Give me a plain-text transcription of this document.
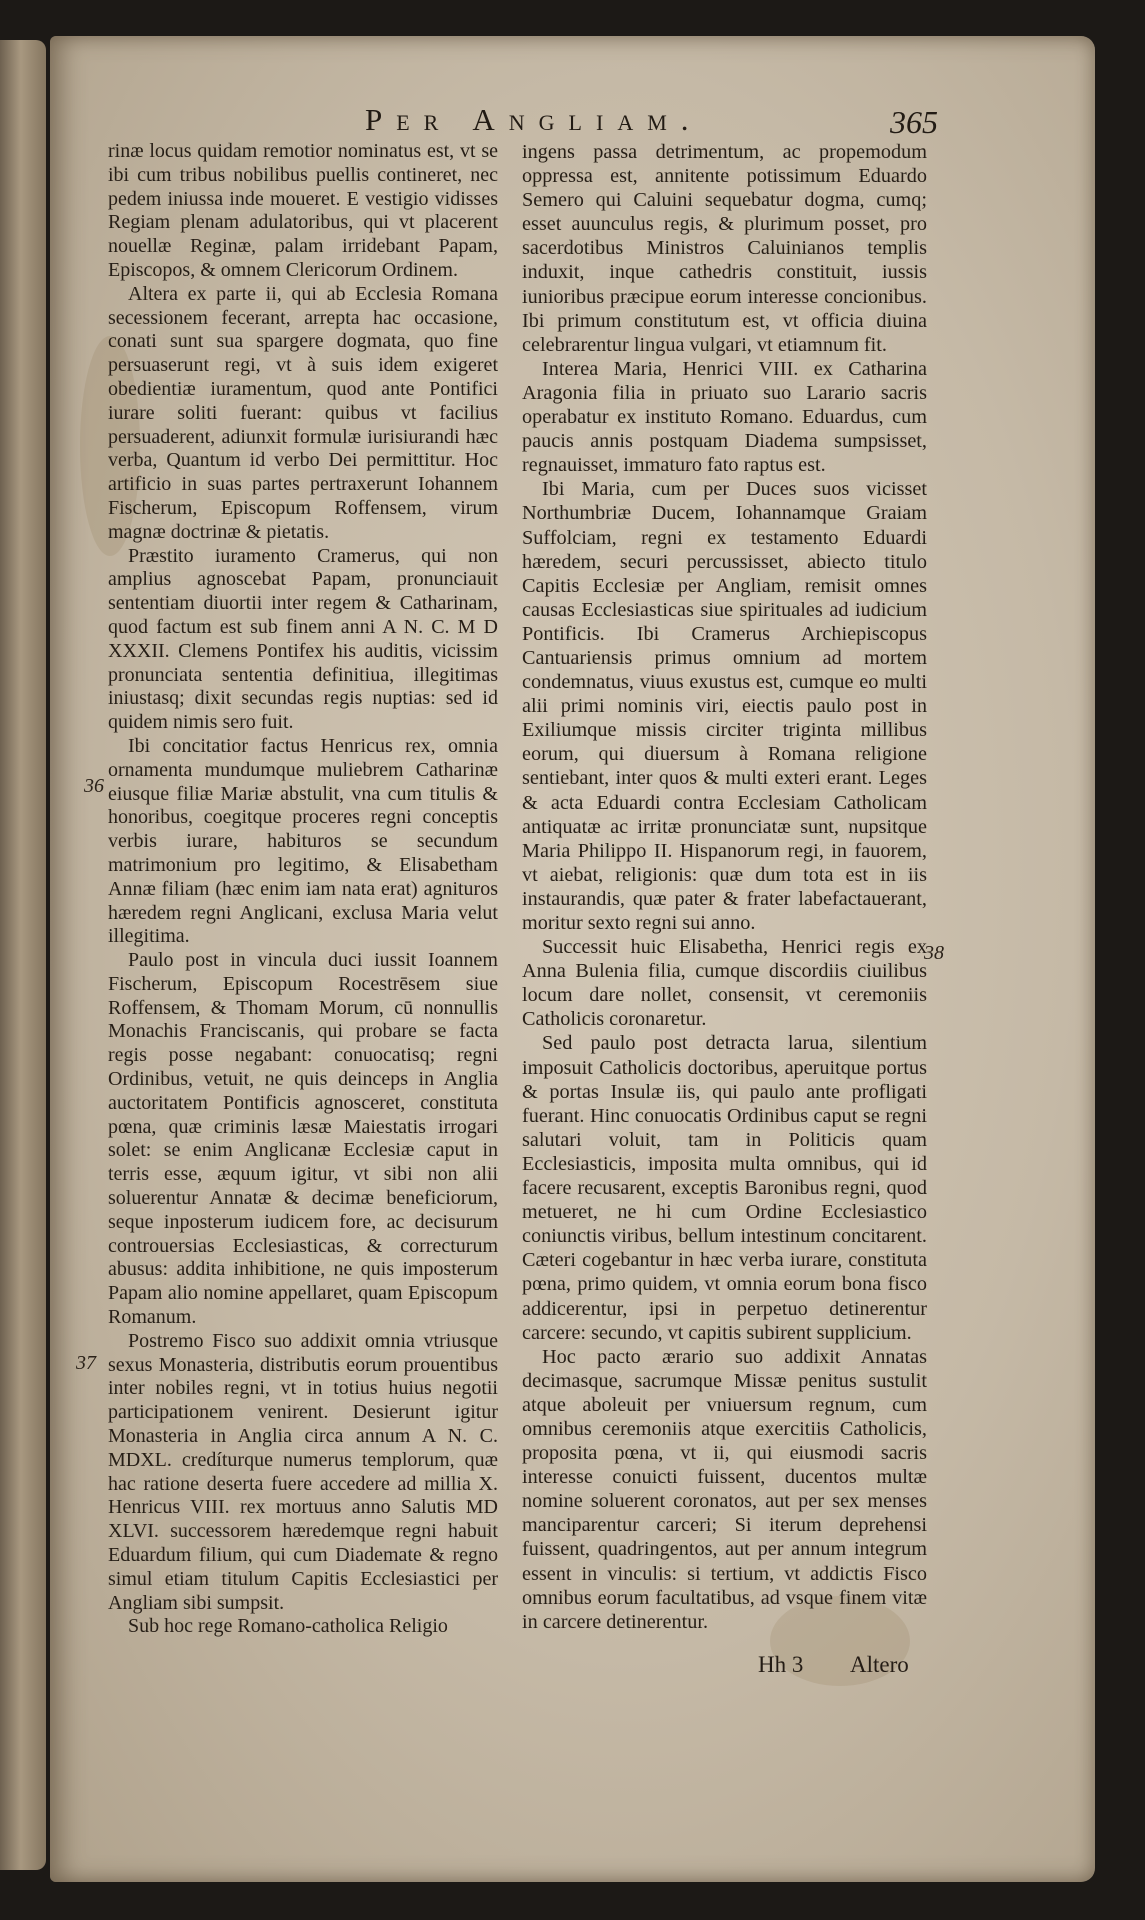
Per Angliam.	365

rinæ locus quidam remotior nominatus est, vt se ibi cum tribus nobilibus puellis contineret, nec pedem iniussa inde moueret. E vestigio vidisses Regiam plenam adulatoribus, qui vt placerent nouellæ Reginæ, palam irridebant Papam, Episcopos, & omnem Clericorum Ordinem.

Altera ex parte ii, qui ab Ecclesia Romana secessionem fecerant, arrepta hac occasione, conati sunt sua spargere dogmata, quo fine persuaserunt regi, vt à suis idem exigeret obedientiæ iuramentum, quod ante Pontifici iurare soliti fuerant: quibus vt facilius persuaderent, adiunxit formulæ iurisiurandi hæc verba, Quantum id verbo Dei permittitur. Hoc artificio in suas partes pertraxerunt Iohannem Fischerum, Episcopum Roffensem, virum magnæ doctrinæ & pietatis.

Præstito iuramento Cramerus, qui non amplius agnoscebat Papam, pronunciauit sententiam diuortii inter regem & Catharinam, quod factum est sub finem anni A N. C. M D XXXII. Clemens Pontifex his auditis, vicissim pronunciata sententia definitiua, illegitimas iniustasq; dixit secundas regis nuptias: sed id quidem nimis sero fuit.

Ibi concitatior factus Henricus rex, omnia ornamenta mundumque muliebrem Catharinæ eiusque filiæ Mariæ abstulit, vna cum titulis & honoribus, coegitque proceres regni conceptis verbis iurare, habituros se secundum matrimonium pro legitimo, & Elisabetham Annæ filiam (hæc enim iam nata erat) agnituros hæredem regni Anglicani, exclusa Maria velut illegitima.

Paulo post in vincula duci iussit Ioannem Fischerum, Episcopum Rocestrēsem siue Roffensem, & Thomam Morum, cū nonnullis Monachis Franciscanis, qui probare se facta regis posse negabant: conuocatisq; regni Ordinibus, vetuit, ne quis deinceps in Anglia auctoritatem Pontificis agnosceret, constituta pœna, quæ criminis læsæ Maiestatis irrogari solet: se enim Anglicanæ Ecclesiæ caput in terris esse, æquum igitur, vt sibi non alii soluerentur Annatæ & decimæ beneficiorum, seque inposterum iudicem fore, ac decisurum controuersias Ecclesiasticas, & correcturum abusus: addita inhibitione, ne quis imposterum Papam alio nomine appellaret, quam Episcopum Romanum.

Postremo Fisco suo addixit omnia vtriusque sexus Monasteria, distributis eorum prouentibus inter nobiles regni, vt in totius huius negotii participationem venirent. Desierunt igitur Monasteria in Anglia circa annum A N. C. MDXL. credíturque numerus templorum, quæ hac ratione deserta fuere accedere ad millia X. Henricus VIII. rex mortuus anno Salutis MD XLVI. successorem hæredemque regni habuit Eduardum filium, qui cum Diademate & regno simul etiam titulum Capitis Ecclesiastici per Angliam sibi sumpsit.

Sub hoc rege Romano-catholica Religio

ingens passa detrimentum, ac propemodum oppressa est, annitente potissimum Eduardo Semero qui Caluini sequebatur dogma, cumq; esset auunculus regis, & plurimum posset, pro sacerdotibus Ministros Caluinianos templis induxit, inque cathedris constituit, iussis iunioribus præcipue eorum interesse concionibus. Ibi primum constitutum est, vt officia diuina celebrarentur lingua vulgari, vt etiamnum fit.

Interea Maria, Henrici VIII. ex Catharina Aragonia filia in priuato suo Larario sacris operabatur ex instituto Romano. Eduardus, cum paucis annis postquam Diadema sumpsisset, regnauisset, immaturo fato raptus est.

Ibi Maria, cum per Duces suos vicisset Northumbriæ Ducem, Iohannamque Graiam Suffolciam, regni ex testamento Eduardi hæredem, securi percussisset, abiecto titulo Capitis Ecclesiæ per Angliam, remisit omnes causas Ecclesiasticas siue spirituales ad iudicium Pontificis. Ibi Cramerus Archiepiscopus Cantuariensis primus omnium ad mortem condemnatus, viuus exustus est, cumque eo multi alii primi nominis viri, eiectis paulo post in Exiliumque missis circiter triginta millibus eorum, qui diuersum à Romana religione sentiebant, inter quos & multi exteri erant. Leges & acta Eduardi contra Ecclesiam Catholicam antiquatæ ac irritæ pronunciatæ sunt, nupsitque Maria Philippo II. Hispanorum regi, in fauorem, vt aiebat, religionis: quæ dum tota est in iis instaurandis, quæ pater & frater labefactauerant, moritur sexto regni sui anno.

Successit huic Elisabetha, Henrici regis ex Anna Bulenia filia, cumque discordiis ciuilibus locum dare nollet, consensit, vt ceremoniis Catholicis coronaretur.

Sed paulo post detracta larua, silentium imposuit Catholicis doctoribus, aperuitque portus & portas Insulæ iis, qui paulo ante profligati fuerant. Hinc conuocatis Ordinibus caput se regni salutari voluit, tam in Politicis quam Ecclesiasticis, imposita multa omnibus, qui id facere recusarent, exceptis Baronibus regni, quod metueret, ne hi cum Ordine Ecclesiastico coniunctis viribus, bellum intestinum concitarent. Cæteri cogebantur in hæc verba iurare, constituta pœna, primo quidem, vt omnia eorum bona fisco addicerentur, ipsi in perpetuo detinerentur carcere: secundo, vt capitis subirent supplicium.

Hoc pacto ærario suo addixit Annatas decimasque, sacrumque Missæ penitus sustulit atque aboleuit per vniuersum regnum, cum omnibus ceremoniis atque exercitiis Catholicis, proposita pœna, vt ii, qui eiusmodi sacris interesse conuicti fuissent, ducentos multæ nomine soluerent coronatos, aut per sex menses manciparentur carceri; Si iterum deprehensi fuissent, quadringentos, aut per annum integrum essent in vinculis: si tertium, vt addictis Fisco omnibus eorum facultatibus, ad vsque finem vitæ in carcere detinerentur.

36
37
38
Hh 3 Altero
